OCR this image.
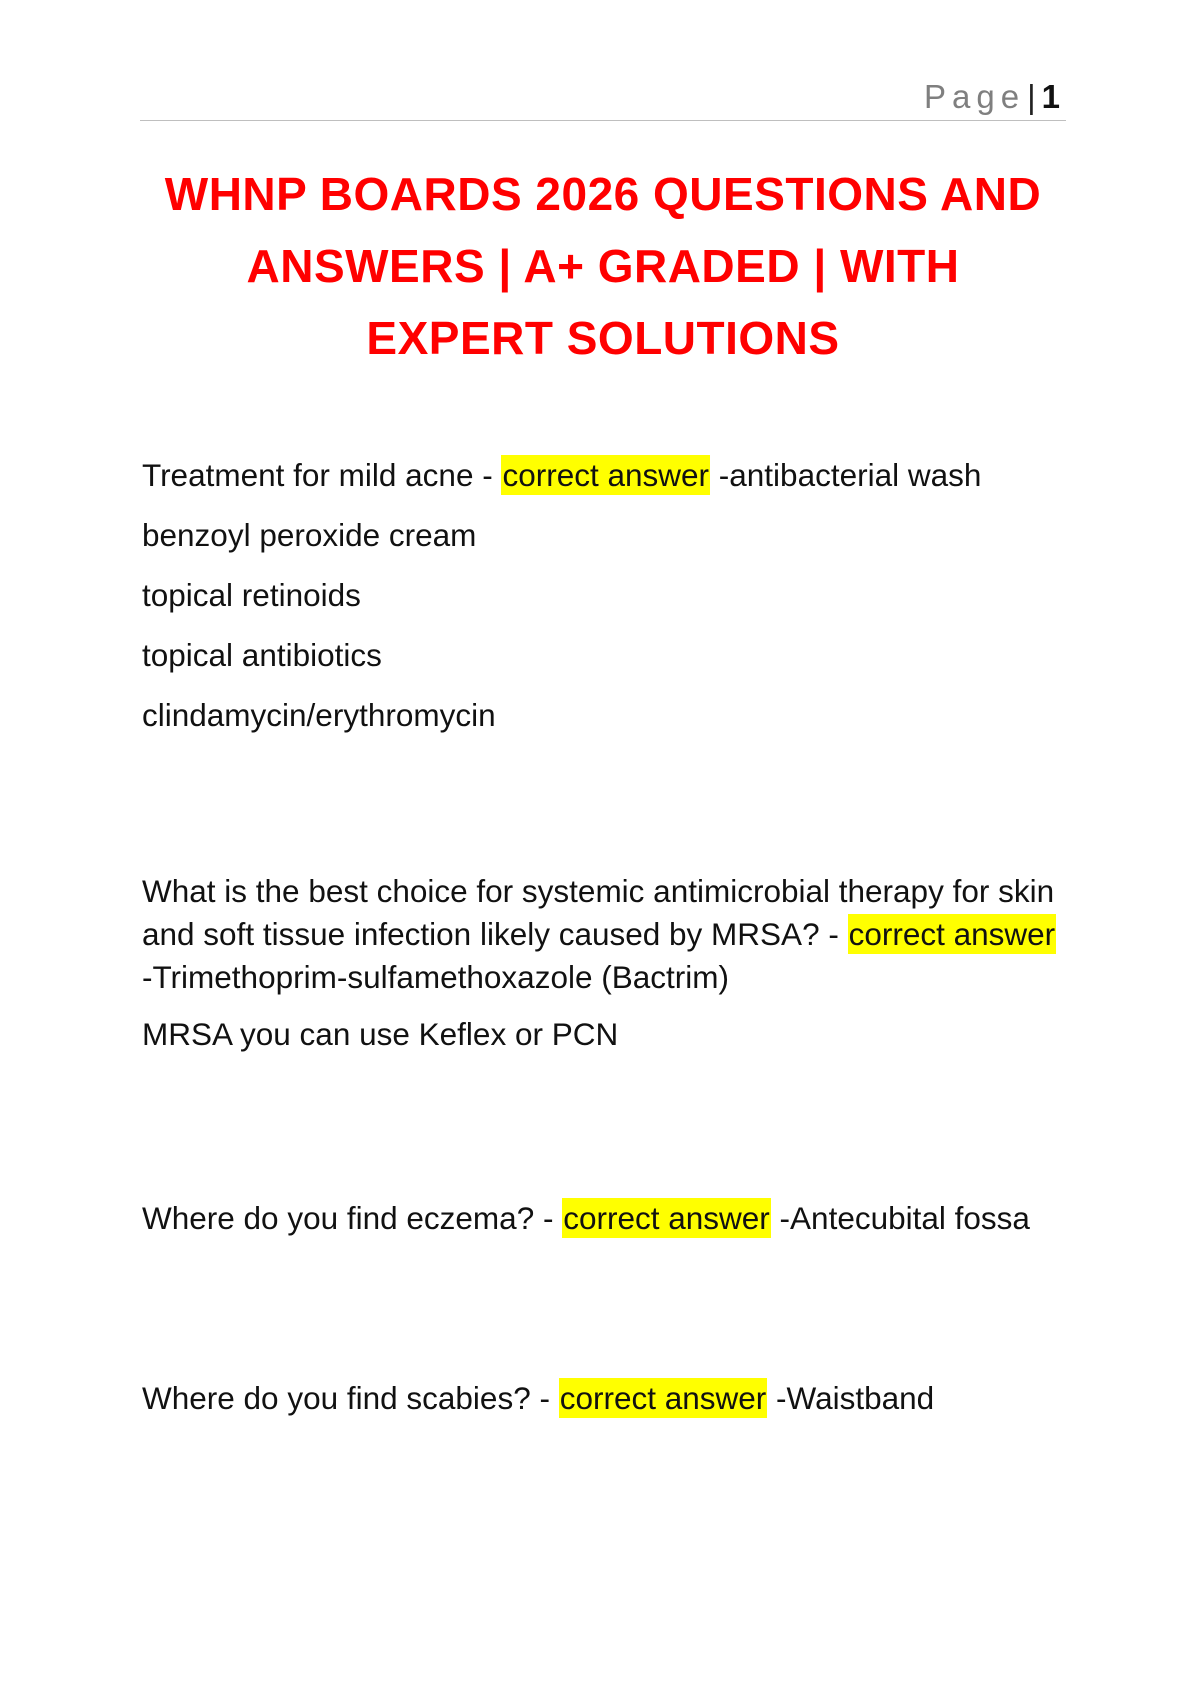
Page| 1
WHNP BOARDS 2026 QUESTIONS AND
ANSWERS | A+ GRADED | WITH
EXPERT SOLUTIONS

Treatment for mild acne - correct answer -antibacterial wash

benzoyl peroxide cream

topical retinoids

topical antibiotics

clindamycin/erythromycin

What is the best choice for systemic antimicrobial therapy for skin and soft tissue infection likely caused by MRSA? - correct answer -Trimethoprim-sulfamethoxazole (Bactrim)

MRSA you can use Keflex or PCN

Where do you find eczema? - correct answer -Antecubital fossa

Where do you find scabies? - correct answer -Waistband
